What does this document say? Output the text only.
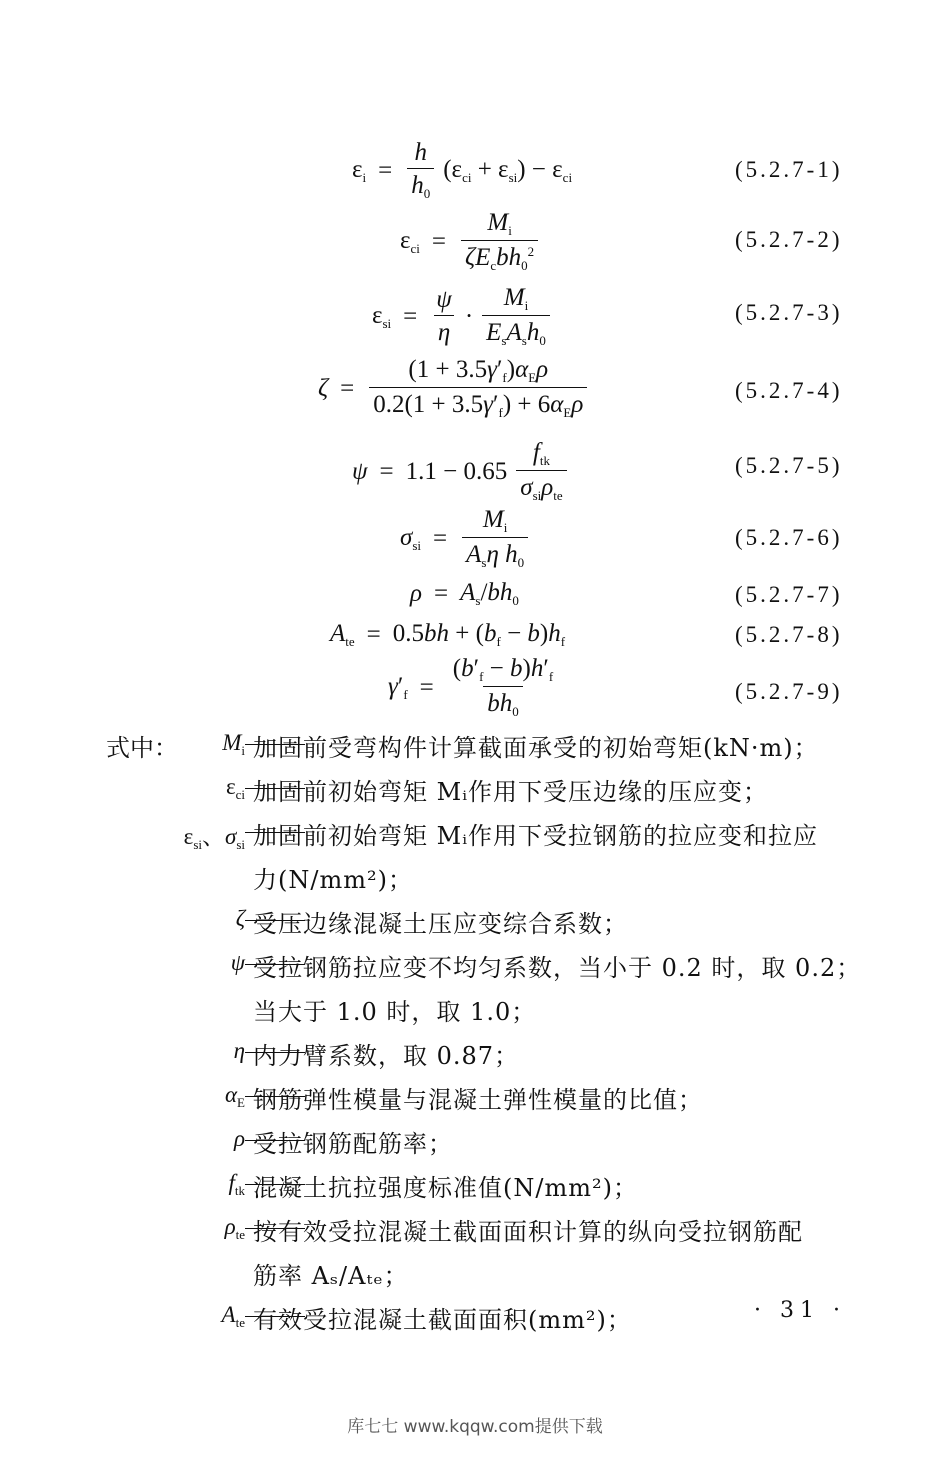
$\varepsilon_i = \frac{h}{h_0} (\varepsilon_{ci} + \varepsilon_{si}) - \varepsilon_{ci}$	(5.2.7-1)
$\varepsilon_{ci} = \frac{M_i}{\zeta E_cbh_0^2}$	(5.2.7-2)
$\varepsilon_{si} = \frac{\psi}{\eta} \cdot \frac{M_i}{E_sA_sh_0}$	(5.2.7-3)
$\zeta = \frac{(1 + 3.5\gamma'_f)\alpha_E\rho}{0.2(1 + 3.5\gamma'_f) + 6\alpha_E\rho}$	(5.2.7-4)
$\psi = 1.1 - 0.65 \frac{f_{tk}}{\sigma_{si}\rho_{te}}$	(5.2.7-5)
$\sigma_{si} = \frac{M_i}{A_s\eta h_0}$	(5.2.7-6)
$\rho = A_s/bh_0$	(5.2.7-7)
$A_{te} = 0.5bh + (b_f - b)h_f$	(5.2.7-8)
$\gamma'_f = \frac{(b'_f - b)h'_f}{bh_0}$	(5.2.7-9)
式中： $M_i$ 加固前受弯构件计算截面承受的初始弯矩(kN·m)；
$\varepsilon_{ci}$ 加固前初始弯矩 Mᵢ作用下受压边缘的压应变；
$\varepsilon_{si}$、$\sigma_{si}$ 加固前初始弯矩 Mᵢ作用下受拉钢筋的拉应变和拉应
力(N/mm²)；
ζ 受压边缘混凝土压应变综合系数；
ψ 受拉钢筋拉应变不均匀系数，当小于 0.2 时，取 0.2；
当大于 1.0 时，取 1.0；
η 内力臂系数，取 0.87；
$\alpha_E$ 钢筋弹性模量与混凝土弹性模量的比值；
ρ 受拉钢筋配筋率；
$f_{tk}$ 混凝土抗拉强度标准值(N/mm²)；
$\rho_{te}$ 按有效受拉混凝土截面面积计算的纵向受拉钢筋配
筋率 Aₛ/Aₜₑ；
$A_{te}$ 有效受拉混凝土截面面积(mm²)；	· 31 ·
库七七 www.kqqw.com提供下载
